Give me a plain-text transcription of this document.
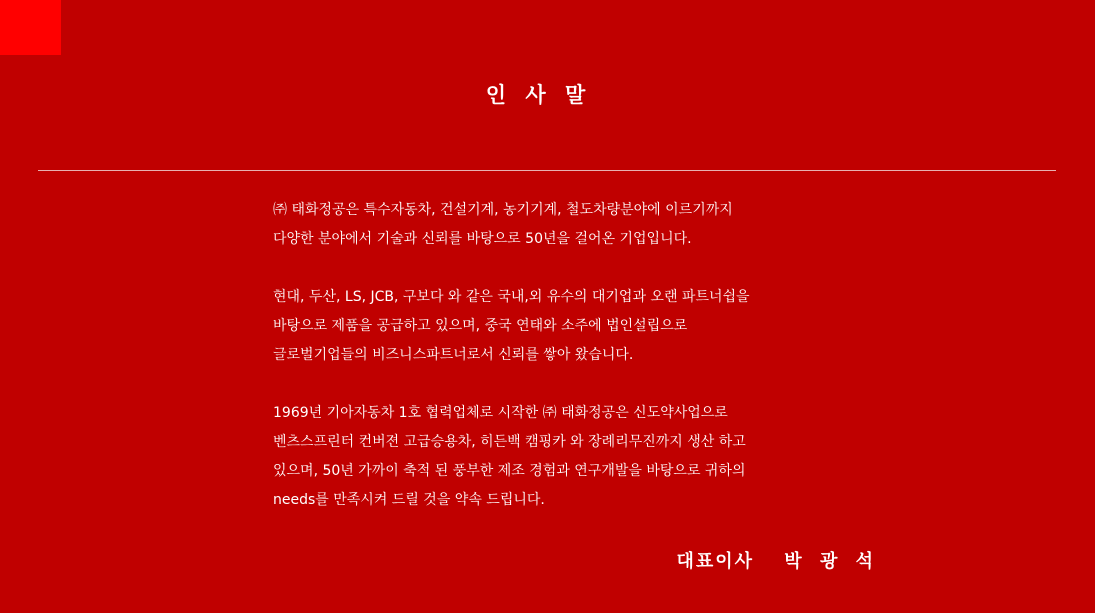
인 사 말

㈜ 태화정공은 특수자동차, 건설기계, 농기기계, 철도차량분야에 이르기까지
다양한 분야에서 기술과 신뢰를 바탕으로 50년을 걸어온 기업입니다.

현대, 두산, LS, JCB, 구보다 와 같은 국내,외 유수의 대기업과 오랜 파트너쉽을
바탕으로 제품을 공급하고 있으며, 중국 연태와 소주에 법인설립으로
글로벌기업들의 비즈니스파트너로서 신뢰를 쌓아 왔습니다.

1969년 기아자동차 1호 협력업체로 시작한 ㈜ 태화정공은 신도약사업으로
벤츠스프린터 컨버젼 고급승용차, 히든백 캠핑카 와 장례리무진까지 생산 하고
있으며, 50년 가까이 축적 된 풍부한 제조 경험과 연구개발을 바탕으로 귀하의
needs를 만족시켜 드릴 것을 약속 드립니다.

대표이사 박 광 석
